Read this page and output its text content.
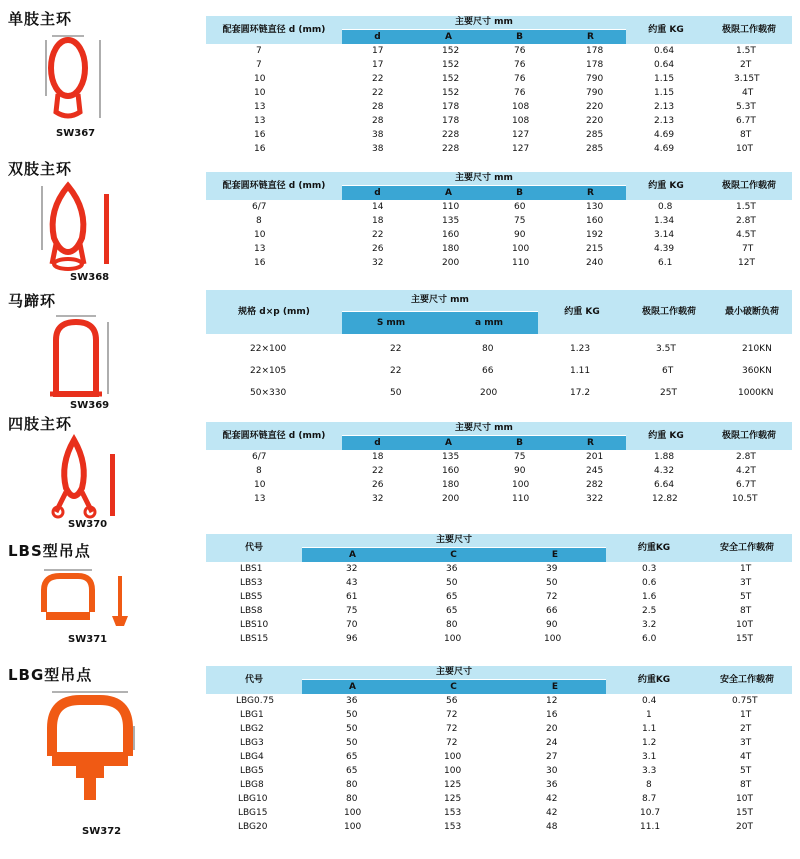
单肢主环
SW367
双肢主环
SW368
马蹄环
SW369
四肢主环
SW370
LBS型吊点
SW371
LBG型吊点
SW372
配套圆环链直径 d (mm)
主要尺寸 mm
d	A	B	R
约重 KG	极限工作载荷
7	17	152	76	178	0.64	1.5T
7	17	152	76	178	0.64	2T
10	22	152	76	790	1.15	3.15T
10	22	152	76	790	1.15	4T
13	28	178	108	220	2.13	5.3T
13	28	178	108	220	2.13	6.7T
16	38	228	127	285	4.69	8T
16	38	228	127	285	4.69	10T
配套圆环链直径 d (mm)
主要尺寸 mm
d	A	B	R
约重 KG	极限工作载荷
6/7	14	110	60	130	0.8	1.5T
8	18	135	75	160	1.34	2.8T
10	22	160	90	192	3.14	4.5T
13	26	180	100	215	4.39	7T
16	32	200	110	240	6.1	12T
规格 d×p (mm)
主要尺寸 mm
S mm	a mm
约重 KG	极限工作载荷	最小破断负荷
22×100	22	80	1.23	3.5T	210KN
22×105	22	66	1.11	6T	360KN
50×330	50	200	17.2	25T	1000KN
配套圆环链直径 d (mm)
主要尺寸 mm
d	A	B	R
约重 KG	极限工作载荷
6/7	18	135	75	201	1.88	2.8T
8	22	160	90	245	4.32	4.2T
10	26	180	100	282	6.64	6.7T
13	32	200	110	322	12.82	10.5T
代号
主要尺寸
A	C	E
约重KG	安全工作载荷
LBS1	32	36	39	0.3	1T
LBS3	43	50	50	0.6	3T
LBS5	61	65	72	1.6	5T
LBS8	75	65	66	2.5	8T
LBS10	70	80	90	3.2	10T
LBS15	96	100	100	6.0	15T
代号
主要尺寸
A	C	E
约重KG	安全工作载荷
LBG0.75	36	56	12	0.4	0.75T
LBG1	50	72	16	1	1T
LBG2	50	72	20	1.1	2T
LBG3	50	72	24	1.2	3T
LBG4	65	100	27	3.1	4T
LBG5	65	100	30	3.3	5T
LBG8	80	125	36	8	8T
LBG10	80	125	42	8.7	10T
LBG15	100	153	42	10.7	15T
LBG20	100	153	48	11.1	20T
